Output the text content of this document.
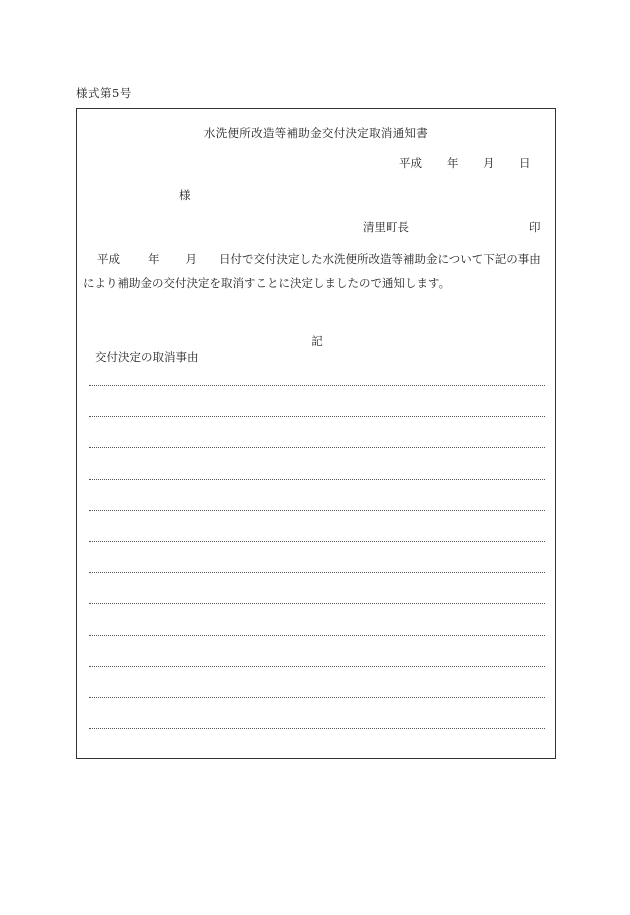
様式第5号
水洗便所改造等補助金交付決定取消通知書
平成	年	月	日
様
清里町長	印
平成 年 月 日付で交付決定した水洗便所改造等補助金について下記の事由
により補助金の交付決定を取消すことに決定しましたので通知します。
記
交付決定の取消事由
